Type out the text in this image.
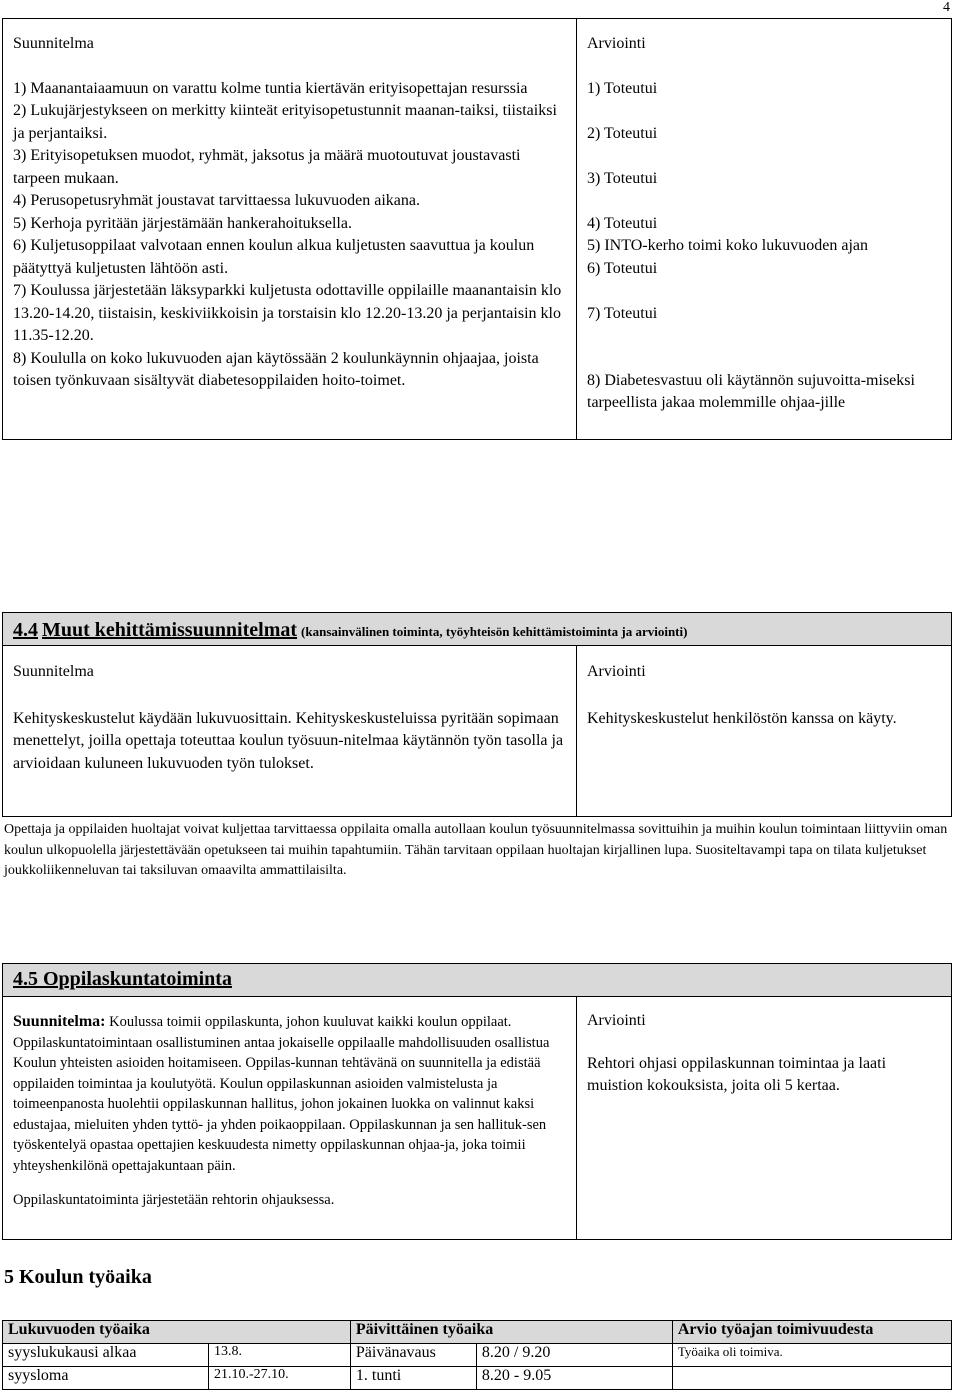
4

Suunnitelma

1) Maanantaiaamuun on varattu kolme tuntia kiertävän erityisopettajan resurssia

2) Lukujärjestykseen on merkitty kiinteät erityisopetustunnit maanan-taiksi, tiistaiksi ja perjantaiksi.

3) Erityisopetuksen muodot, ryhmät, jaksotus ja määrä muotoutuvat joustavasti tarpeen mukaan.

4) Perusopetusryhmät joustavat tarvittaessa lukuvuoden aikana.

5) Kerhoja pyritään järjestämään hankerahoituksella.

6) Kuljetusoppilaat valvotaan ennen koulun alkua kuljetusten saavuttua ja koulun päätyttyä kuljetusten lähtöön asti.

7) Koulussa järjestetään läksyparkki kuljetusta odottaville oppilaille maanantaisin klo 13.20-14.20, tiistaisin, keskiviikkoisin ja torstaisin klo 12.20-13.20 ja perjantaisin klo 11.35-12.20.

8) Koululla on koko lukuvuoden ajan käytössään 2 koulunkäynnin ohjaajaa, joista toisen työnkuvaan sisältyvät diabetesoppilaiden hoito-toimet.

Arviointi

1) Toteutui

2) Toteutui

3) Toteutui

4) Toteutui

5) INTO-kerho toimi koko lukuvuoden ajan

6) Toteutui

7) Toteutui

8) Diabetesvastuu oli käytännön sujuvoitta-miseksi tarpeellista jakaa molemmille ohjaa-jille

4.4 Muut kehittämissuunnitelmat (kansainvälinen toiminta, työyhteisön kehittämistoiminta ja arviointi)

Suunnitelma

Kehityskeskustelut käydään lukuvuosittain. Kehityskeskusteluissa pyritään sopimaan menettelyt, joilla opettaja toteuttaa koulun työsuun-nitelmaa käytännön työn tasolla ja arvioidaan kuluneen lukuvuoden työn tulokset.

Arviointi

Kehityskeskustelut henkilöstön kanssa on käyty.

Opettaja ja oppilaiden huoltajat voivat kuljettaa tarvittaessa oppilaita omalla autollaan koulun työsuunnitelmassa sovittuihin ja muihin koulun toimintaan liittyviin oman koulun ulkopuolella järjestettävään opetukseen tai muihin tapahtumiin. Tähän tarvitaan oppilaan huoltajan kirjallinen lupa. Suositeltavampi tapa on tilata kuljetukset joukkoliikenneluvan tai taksiluvan omaavilta ammattilaisilta.
4.5 Oppilaskuntatoiminta

Suunnitelma: Koulussa toimii oppilaskunta, johon kuuluvat kaikki koulun oppilaat. Oppilaskuntatoimintaan osallistuminen antaa jokaiselle oppilaalle mahdollisuuden osallistua Koulun yhteisten asioiden hoitamiseen. Oppilas-kunnan tehtävänä on suunnitella ja edistää oppilaiden toimintaa ja koulutyötä. Koulun oppilaskunnan asioiden valmistelusta ja toimeenpanosta huolehtii oppilaskunnan hallitus, johon jokainen luokka on valinnut kaksi edustajaa, mieluiten yhden tyttö- ja yhden poikaoppilaan. Oppilaskunnan ja sen hallituk-sen työskentelyä opastaa opettajien keskuudesta nimetty oppilaskunnan ohjaa-ja, joka toimii yhteyshenkilönä opettajakuntaan päin.

Oppilaskuntatoiminta järjestetään rehtorin ohjauksessa.

Arviointi

Rehtori ohjasi oppilaskunnan toimintaa ja laati muistion kokouksista, joita oli 5 kertaa.

5 Koulun työaika
Lukuvuoden työaika		Päivittäinen työaika		Arvio työajan toimivuudesta
syyslukukausi alkaa	13.8.	Päivänavaus	8.20 / 9.20	Työaika oli toimiva.
syysloma	21.10.-27.10.	1. tunti	8.20 - 9.05	
